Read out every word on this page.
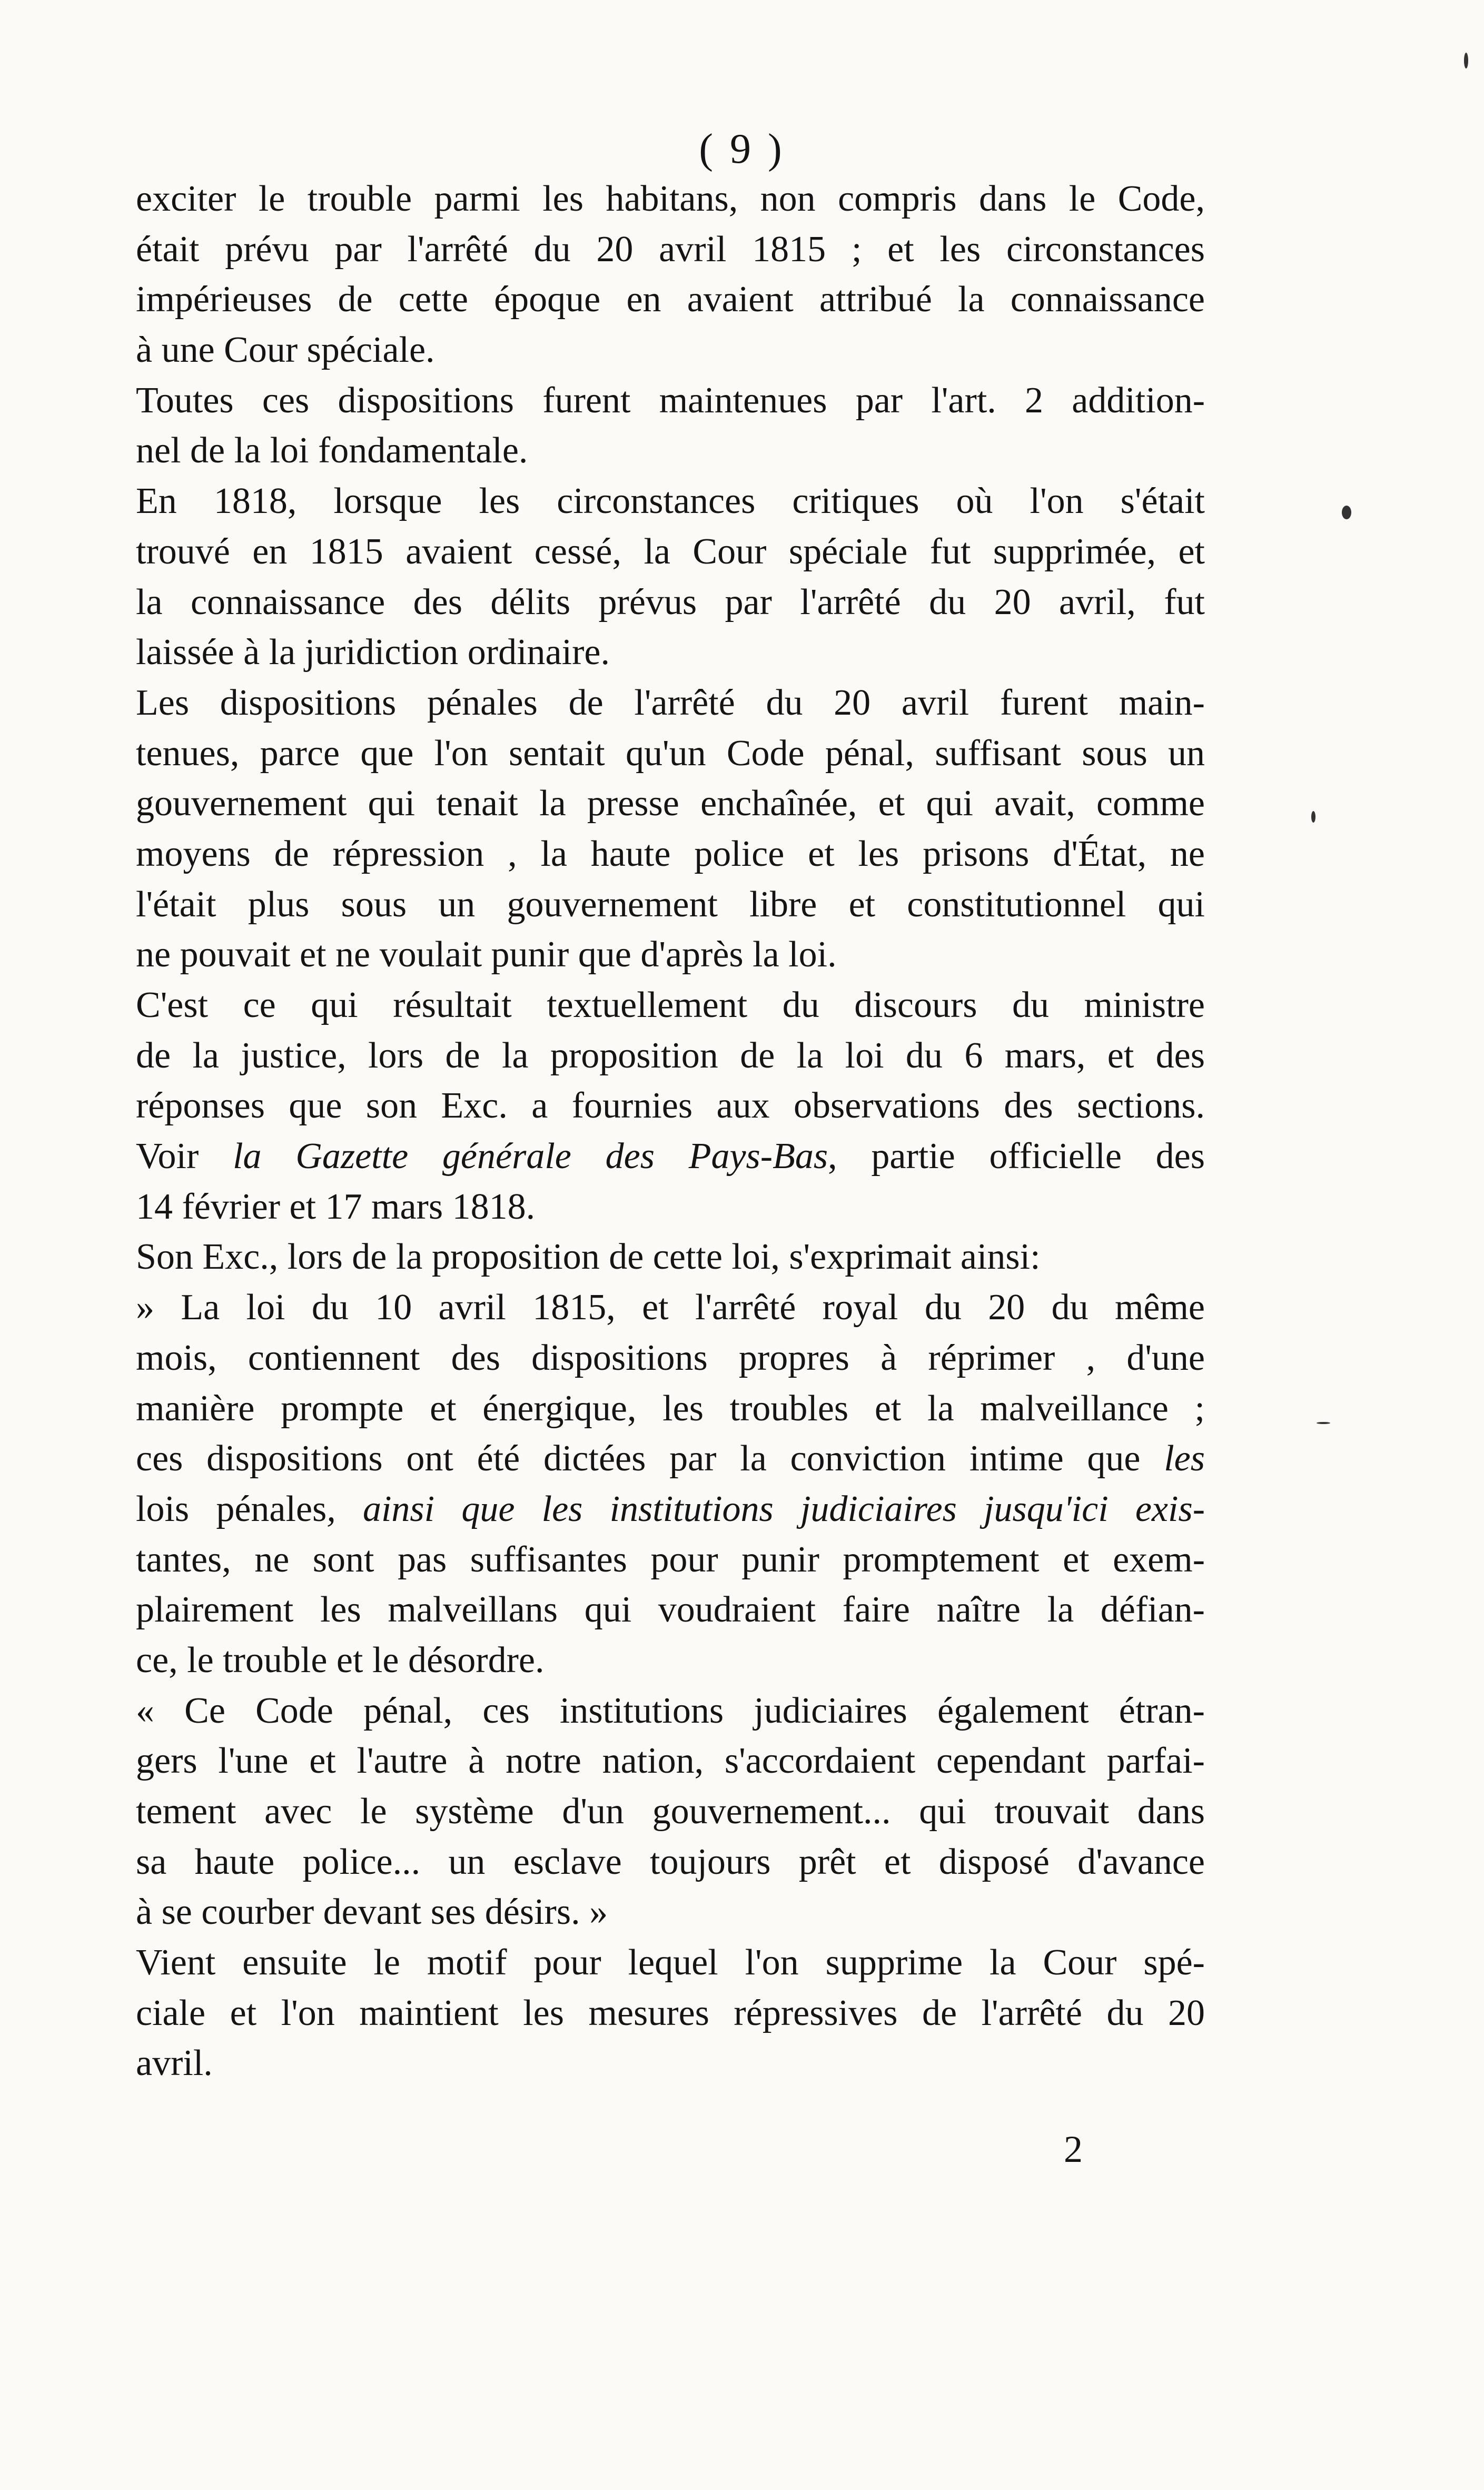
( 9 )
exciter le trouble parmi les habitans, non compris dans le Code,
était prévu par l'arrêté du 20 avril 1815 ; et les circonstances
impérieuses de cette époque en avaient attribué la connaissance
à une Cour spéciale.
Toutes ces dispositions furent maintenues par l'art. 2 addition-
nel de la loi fondamentale.
En 1818, lorsque les circonstances critiques où l'on s'était
trouvé en 1815 avaient cessé, la Cour spéciale fut supprimée, et
la connaissance des délits prévus par l'arrêté du 20 avril, fut
laissée à la juridiction ordinaire.
Les dispositions pénales de l'arrêté du 20 avril furent main-
tenues, parce que l'on sentait qu'un Code pénal, suffisant sous un
gouvernement qui tenait la presse enchaînée, et qui avait, comme
moyens de répression , la haute police et les prisons d'État, ne
l'était plus sous un gouvernement libre et constitutionnel qui
ne pouvait et ne voulait punir que d'après la loi.
C'est ce qui résultait textuellement du discours du ministre
de la justice, lors de la proposition de la loi du 6 mars, et des
réponses que son Exc. a fournies aux observations des sections.
Voir la Gazette générale des Pays-Bas, partie officielle des
14 février et 17 mars 1818.
Son Exc., lors de la proposition de cette loi, s'exprimait ainsi:
» La loi du 10 avril 1815, et l'arrêté royal du 20 du même
mois, contiennent des dispositions propres à réprimer , d'une
manière prompte et énergique, les troubles et la malveillance ;
ces dispositions ont été dictées par la conviction intime que les
lois pénales, ainsi que les institutions judiciaires jusqu'ici exis-
tantes, ne sont pas suffisantes pour punir promptement et exem-
plairement les malveillans qui voudraient faire naître la défian-
ce, le trouble et le désordre.
« Ce Code pénal, ces institutions judiciaires également étran-
gers l'une et l'autre à notre nation, s'accordaient cependant parfai-
tement avec le système d'un gouvernement... qui trouvait dans
sa haute police... un esclave toujours prêt et disposé d'avance
à se courber devant ses désirs. »
Vient ensuite le motif pour lequel l'on supprime la Cour spé-
ciale et l'on maintient les mesures répressives de l'arrêté du 20
avril.
2
